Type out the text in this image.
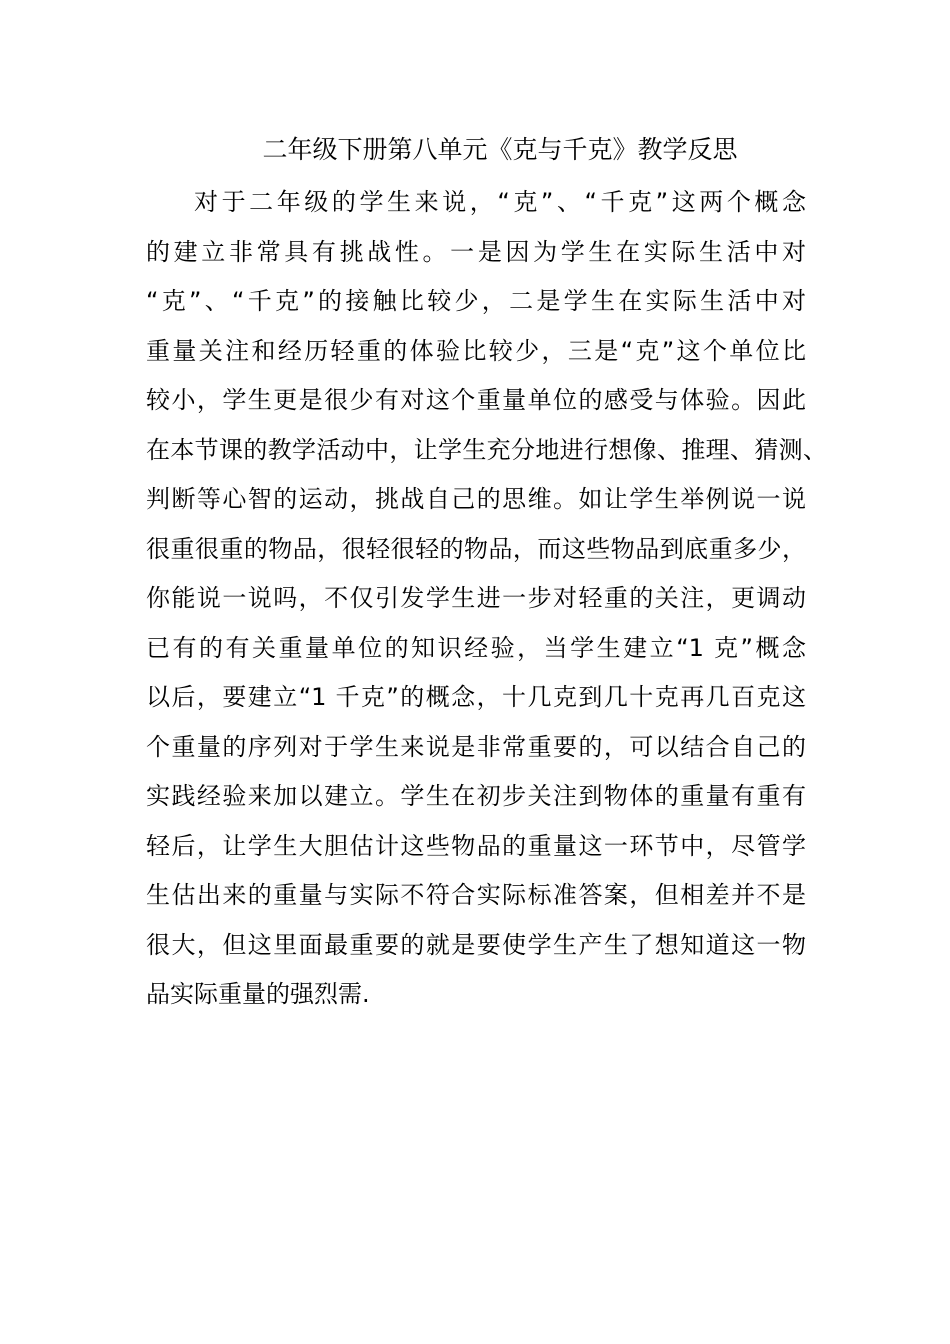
二年级下册第八单元《克与千克》教学反思
对于二年级的学生来说，“克”、“千克”这两个概念
的建立非常具有挑战性。一是因为学生在实际生活中对
“克”、“千克”的接触比较少，二是学生在实际生活中对
重量关注和经历轻重的体验比较少，三是“克”这个单位比
较小，学生更是很少有对这个重量单位的感受与体验。因此
在本节课的教学活动中，让学生充分地进行想像、推理、猜测、
判断等心智的运动，挑战自己的思维。如让学生举例说一说
很重很重的物品，很轻很轻的物品，而这些物品到底重多少，
你能说一说吗，不仅引发学生进一步对轻重的关注，更调动
已有的有关重量单位的知识经验，当学生建立“1 克”概念
以后，要建立“1 千克”的概念，十几克到几十克再几百克这
个重量的序列对于学生来说是非常重要的，可以结合自己的
实践经验来加以建立。学生在初步关注到物体的重量有重有
轻后，让学生大胆估计这些物品的重量这一环节中，尽管学
生估出来的重量与实际不符合实际标准答案，但相差并不是
很大，但这里面最重要的就是要使学生产生了想知道这一物
品实际重量的强烈需.
